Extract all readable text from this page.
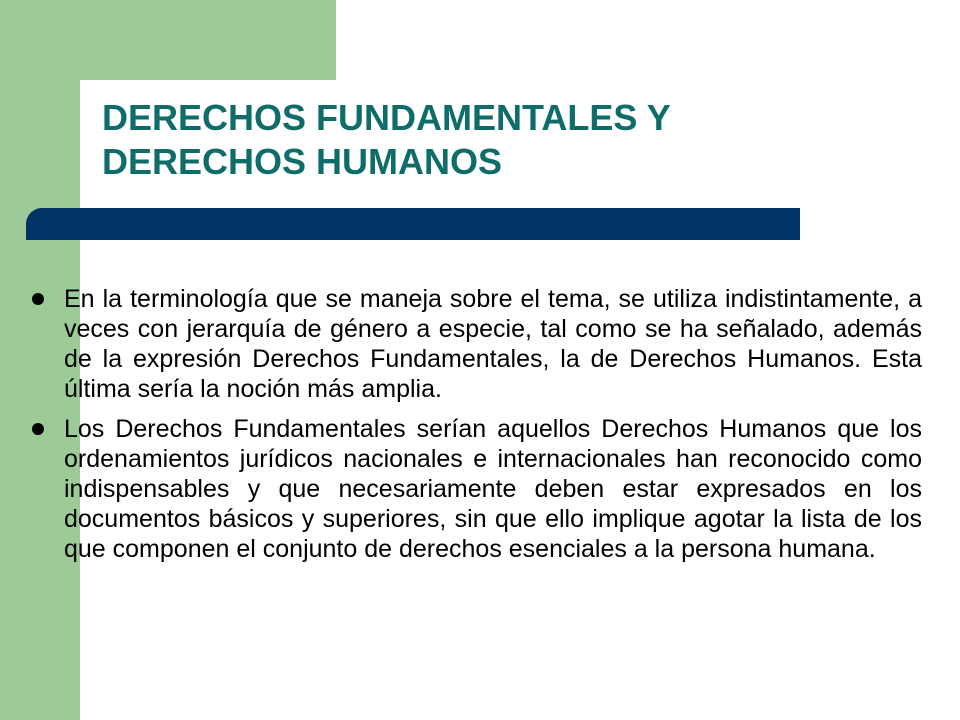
DERECHOS FUNDAMENTALES Y
DERECHOS HUMANOS
En la terminología que se maneja sobre el tema, se utiliza indistintamente, a veces con jerarquía de género a especie, tal como se ha señalado, además de la expresión Derechos Fundamentales, la de Derechos Humanos. Esta última sería la noción más amplia.
Los Derechos Fundamentales serían aquellos Derechos Humanos que los ordenamientos jurídicos nacionales e internacionales han reconocido como indispensables y que necesariamente deben estar expresados en los documentos básicos y superiores, sin que ello implique agotar la lista de los que componen el conjunto de derechos esenciales a la persona humana.
